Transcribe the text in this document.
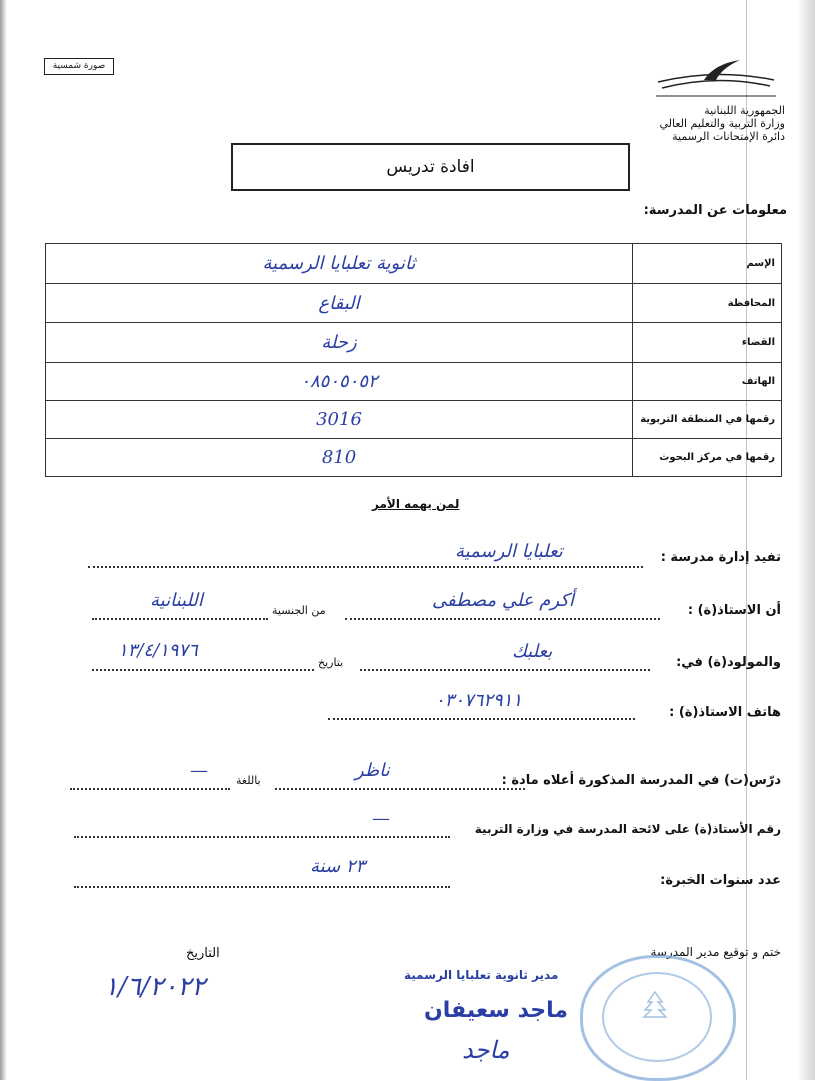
صورة شمسية
الجمهورية اللبنانية
وزارة التربية والتعليم العالي
دائرة الإمتحانات الرسمية
افادة تدريس
معلومات عن المدرسة:
ثانوية تعلبايا الرسمية	الإسم
البقاع	المحافظة
زحلة	القضاء
٠٨٥٠٥٠٥٢	الهاتف
3016	رقمها في المنطقة التربوية
810	رقمها في مركز البحوث
لمن يهمه الأمر
تفيد إدارة مدرسة :
تعلبايا الرسمية
أن الاستاذ(ة) :
أكرم علي مصطفى
من الجنسية
اللبنانية
والمولود(ة) في:
بعلبك
بتاريخ
١٣/٤/١٩٧٦
هاتف الاستاذ(ة) :
٠٣٠٧٦٢٩١١
درّس(ت) في المدرسة المذكورة أعلاه مادة :
ناظر
باللغة
—
رقم الأستاذ(ة) على لائحة المدرسة في وزارة التربية
—
عدد سنوات الخبرة:
٢٣ سنة
التاريخ
١/٦/٢٠٢٢
ختم و توقيع مدير المدرسة
مدير ثانوية تعلبايا الرسمية
ماجد سعيفان
ماجد
